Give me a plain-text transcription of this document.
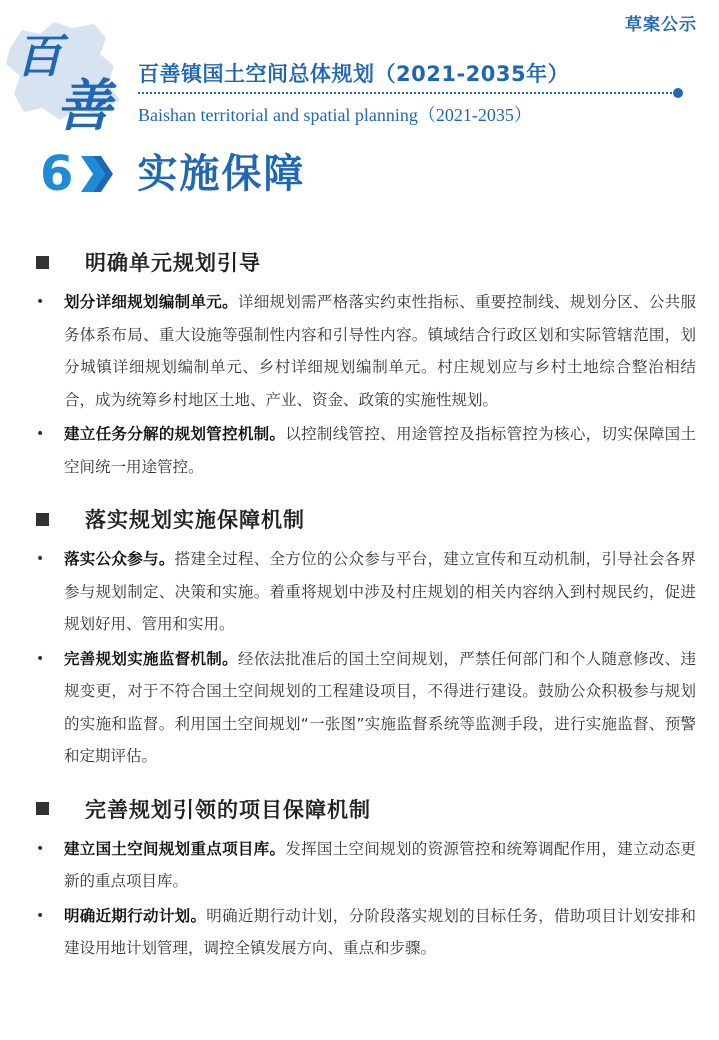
草案公示
百
善 百善镇国土空间总体规划（2021-2035年）
Baishan territorial and spatial planning（2021-2035）
6 实施保障
明确单元规划引导
•	划分详细规划编制单元。详细规划需严格落实约束性指标、重要控制线、规划分区、公共服务体系布局、重大设施等强制性内容和引导性内容。镇域结合行政区划和实际管辖范围，划分城镇详细规划编制单元、乡村详细规划编制单元。村庄规划应与乡村土地综合整治相结合，成为统筹乡村地区土地、产业、资金、政策的实施性规划。

•	建立任务分解的规划管控机制。以控制线管控、用途管控及指标管控为核心，切实保障国土空间统一用途管控。

落实规划实施保障机制
•	落实公众参与。搭建全过程、全方位的公众参与平台，建立宣传和互动机制，引导社会各界参与规划制定、决策和实施。着重将规划中涉及村庄规划的相关内容纳入到村规民约，促进规划好用、管用和实用。

•	完善规划实施监督机制。经依法批准后的国土空间规划，严禁任何部门和个人随意修改、违规变更，对于不符合国土空间规划的工程建设项目，不得进行建设。鼓励公众积极参与规划的实施和监督。利用国土空间规划“一张图”实施监督系统等监测手段，进行实施监督、预警和定期评估。

完善规划引领的项目保障机制
•	建立国土空间规划重点项目库。发挥国土空间规划的资源管控和统筹调配作用，建立动态更新的重点项目库。

•	明确近期行动计划。明确近期行动计划，分阶段落实规划的目标任务，借助项目计划安排和建设用地计划管理，调控全镇发展方向、重点和步骤。
